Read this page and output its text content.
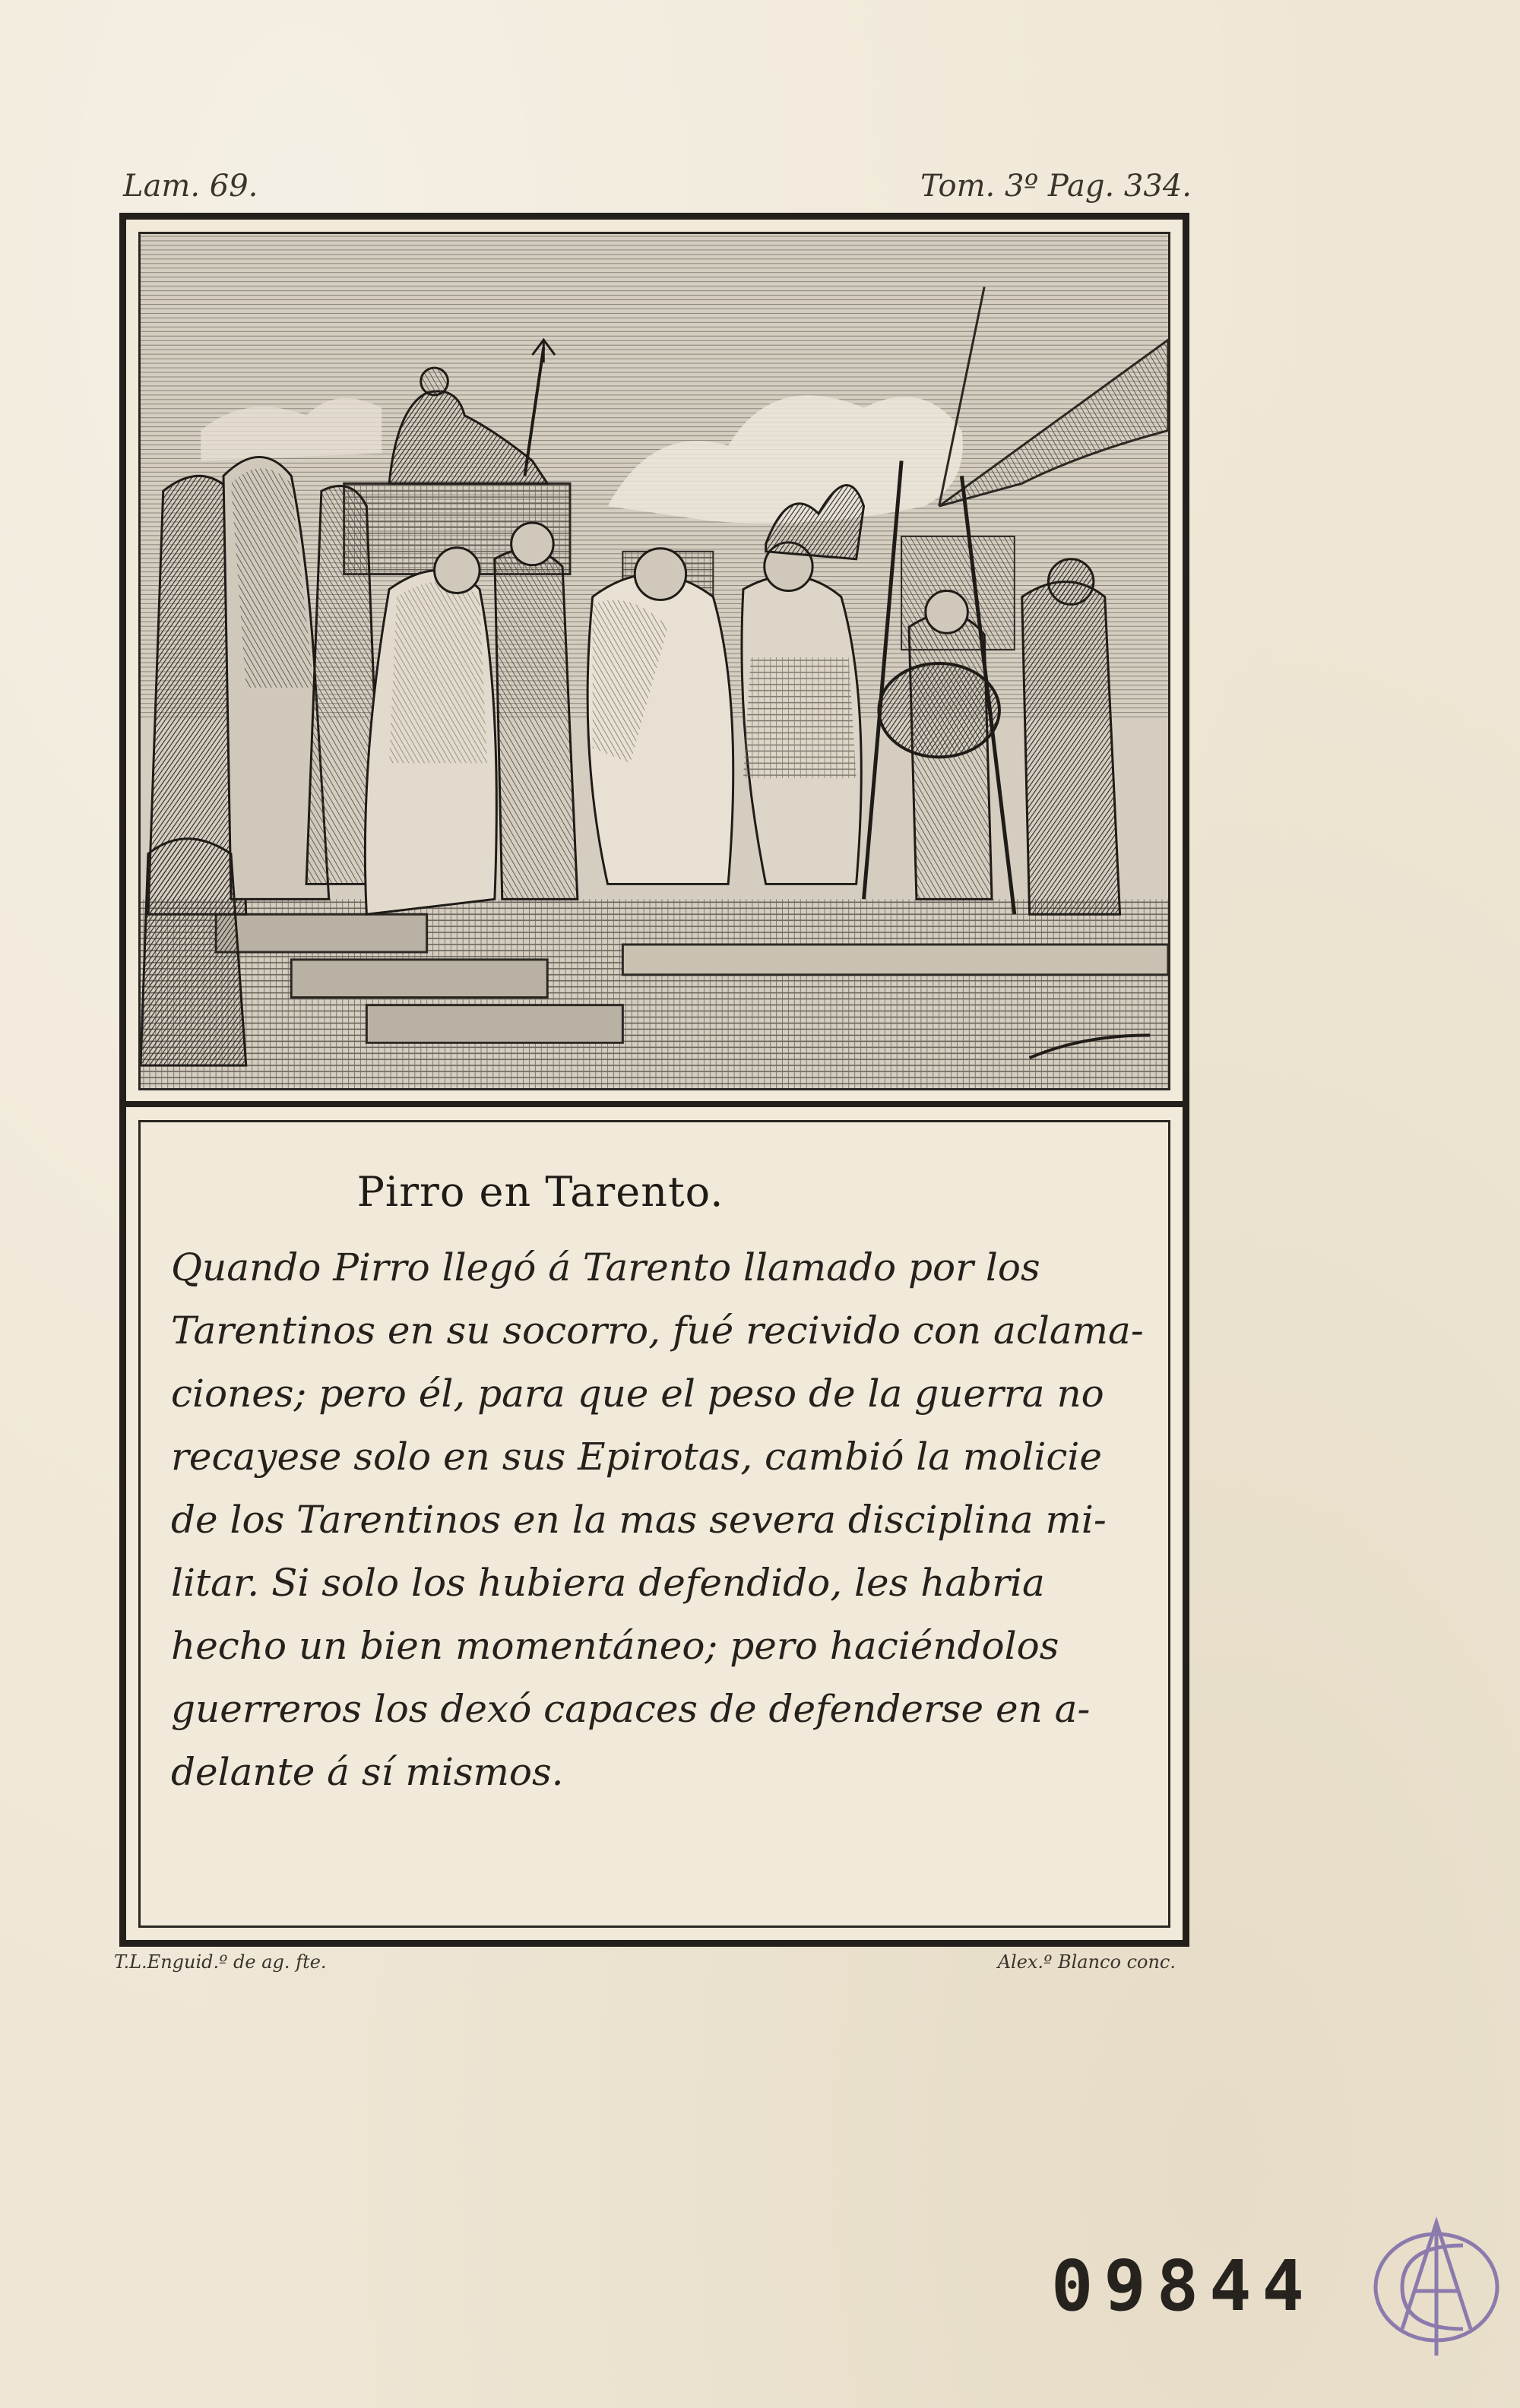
Lam. 69.	Tom. 3º Pag. 334.
Pirro en Tarento.
Quando Pirro llegó á Tarento llamado por los
Tarentinos en su socorro, fué recivido con aclama-
ciones; pero él, para que el peso de la guerra no
recayese solo en sus Epirotas, cambió la molicie
de los Tarentinos en la mas severa disciplina mi-
litar. Si solo los hubiera defendido, les habria
hecho un bien momentáneo; pero haciéndolos
guerreros los dexó capaces de defenderse en a-
delante á sí mismos.
T.L.Enguid.º de ag. fte.	Alex.º Blanco conc.
09844
